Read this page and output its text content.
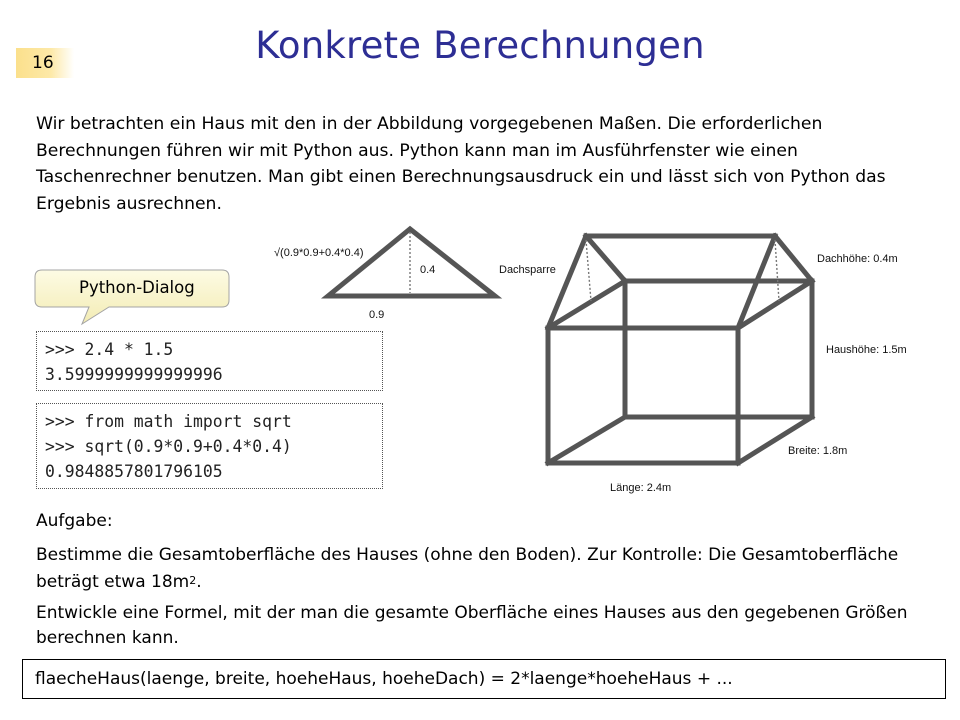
16	Konkrete Berechnungen
Wir betrachten ein Haus mit den in der Abbildung vorgegebenen Maßen. Die erforderlichen Berechnungen führen wir mit Python aus. Python kann man im Ausführfenster wie einen Taschenrechner benutzen. Man gibt einen Berechnungsausdruck ein und lässt sich von Python das Ergebnis ausrechnen.
Python-Dialog
>>> 2.4 * 1.5
3.5999999999999996
>>> from math import sqrt
>>> sqrt(0.9*0.9+0.4*0.4)
0.9848857801796105
√(0.9*0.9+0.4*0.4)
0.4
0.9
Dachsparre
Dachhöhe: 0.4m
Haushöhe: 1.5m
Breite: 1.8m
Länge: 2.4m
Aufgabe:
Bestimme die Gesamtoberfläche des Hauses (ohne den Boden). Zur Kontrolle: Die Gesamtoberfläche beträgt etwa $18m^2$.
Entwickle eine Formel, mit der man die gesamte Oberfläche eines Hauses aus den gegebenen Größen berechnen kann.
flaecheHaus(laenge, breite, hoeheHaus, hoeheDach) = 2*laenge*hoeheHaus + ...
